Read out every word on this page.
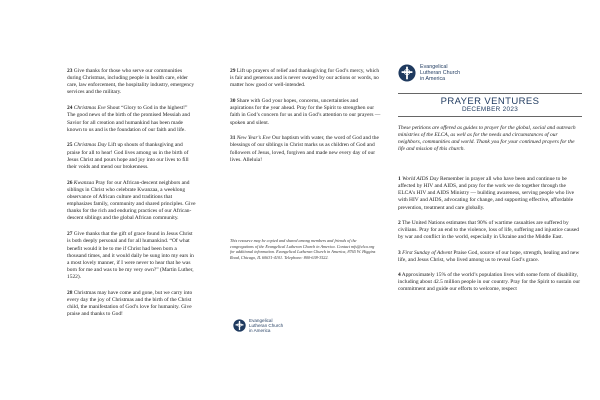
23 Give thanks for those who serve our communities during Christmas, including people in health care, elder care, law enforcement, the hospitality industry, emergency services and the military.

24 Christmas Eve Shout “Glory to God in the highest!” The good news of the birth of the promised Messiah and Savior for all creation and humankind has been made known to us and is the foundation of our faith and life.

25 Christmas Day Lift up shouts of thanksgiving and praise for all to hear! God lives among us in the birth of Jesus Christ and pours hope and joy into our lives to fill their voids and mend our brokenness.

26 Kwanzaa Pray for our African-descent neighbors and siblings in Christ who celebrate Kwanzaa, a weeklong observance of African culture and traditions that emphasizes family, community and shared principles. Give thanks for the rich and enduring practices of our African-descent siblings and the global African community.

27 Give thanks that the gift of grace found in Jesus Christ is both deeply personal and for all humankind. “Of what benefit would it be to me if Christ had been born a thousand times, and it would daily be sung into my ears in a most lovely manner, if I were never to hear that he was born for me and was to be my very own?” (Martin Luther, 1522).

28 Christmas may have come and gone, but we carry into every day the joy of Christmas and the birth of the Christ child, the manifestation of God’s love for humanity. Give praise and thanks to God!

29 Lift up prayers of relief and thanksgiving for God’s mercy, which is fair and generous and is never swayed by our actions or words, no matter how good or well-intended.

30 Share with God your hopes, concerns, uncertainties and aspirations for the year ahead. Pray for the Spirit to strengthen our faith in God’s concern for us and in God’s attention to our prayers — spoken and silent.

31 New Year’s Eve Our baptism with water, the word of God and the blessings of our siblings in Christ marks us as children of God and followers of Jesus, loved, forgiven and made new every day of our lives. Alleluia!

This resource may be copied and shared among members and friends of the congregations of the Evangelical Lutheran Church in America. Contact mfs@elca.org for additional information. Evangelical Lutheran Church in America, 8765 W. Higgins Road, Chicago, IL 60631-4101. Telephone: 800-638-3522.
Evangelical
Lutheran Church
in America
Evangelical
Lutheran Church
in America
PRAYER VENTURES
DECEMBER 2023
These petitions are offered as guides to prayer for the global, social and outreach ministries of the ELCA, as well as for the needs and circumstances of our neighbors, communities and world. Thank you for your continued prayers for the life and mission of this church.

1 World AIDS Day Remember in prayer all who have been and continue to be affected by HIV and AIDS, and pray for the work we do together through the ELCA’s HIV and AIDS Ministry — building awareness, serving people who live with HIV and AIDS, advocating for change, and supporting effective, affordable prevention, treatment and care globally.

2 The United Nations estimates that 90% of wartime casualties are suffered by civilians. Pray for an end to the violence, loss of life, suffering and injustice caused by war and conflict in the world, especially in Ukraine and the Middle East.

3 First Sunday of Advent Praise God, source of our hope, strength, healing and new life, and Jesus Christ, who lived among us to reveal God’s grace.

4 Approximately 15% of the world’s population lives with some form of disability, including about 42.5 million people in our country. Pray for the Spirit to sustain our commitment and guide our efforts to welcome, respect
